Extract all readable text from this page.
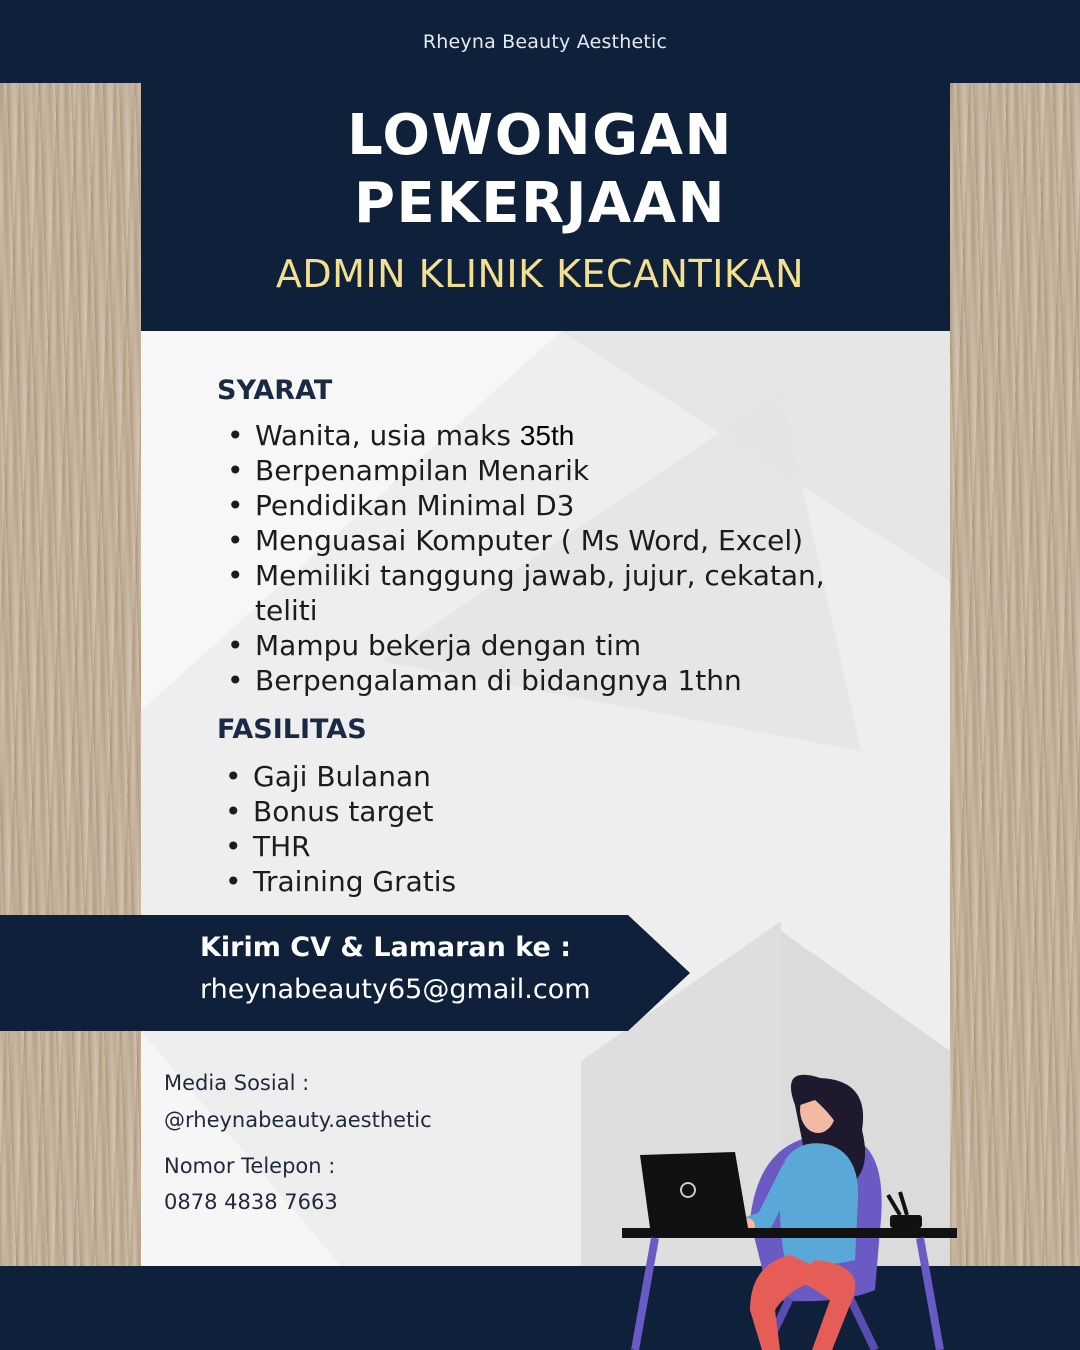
Rheyna Beauty Aesthetic
LOWONGAN
PEKERJAAN
ADMIN KLINIK KECANTIKAN
SYARAT
• Wanita, usia maks 35th
• Berpenampilan Menarik
• Pendidikan Minimal D3
• Menguasai Komputer ( Ms Word, Excel)
• Memiliki tanggung jawab, jujur, cekatan,
teliti
• Mampu bekerja dengan tim
• Berpengalaman di bidangnya 1thn
FASILITAS
• Gaji Bulanan
• Bonus target
• THR
• Training Gratis
Kirim CV & Lamaran ke :
rheynabeauty65@gmail.com
Media Sosial :
@rheynabeauty.aesthetic
Nomor Telepon :
0878 4838 7663
